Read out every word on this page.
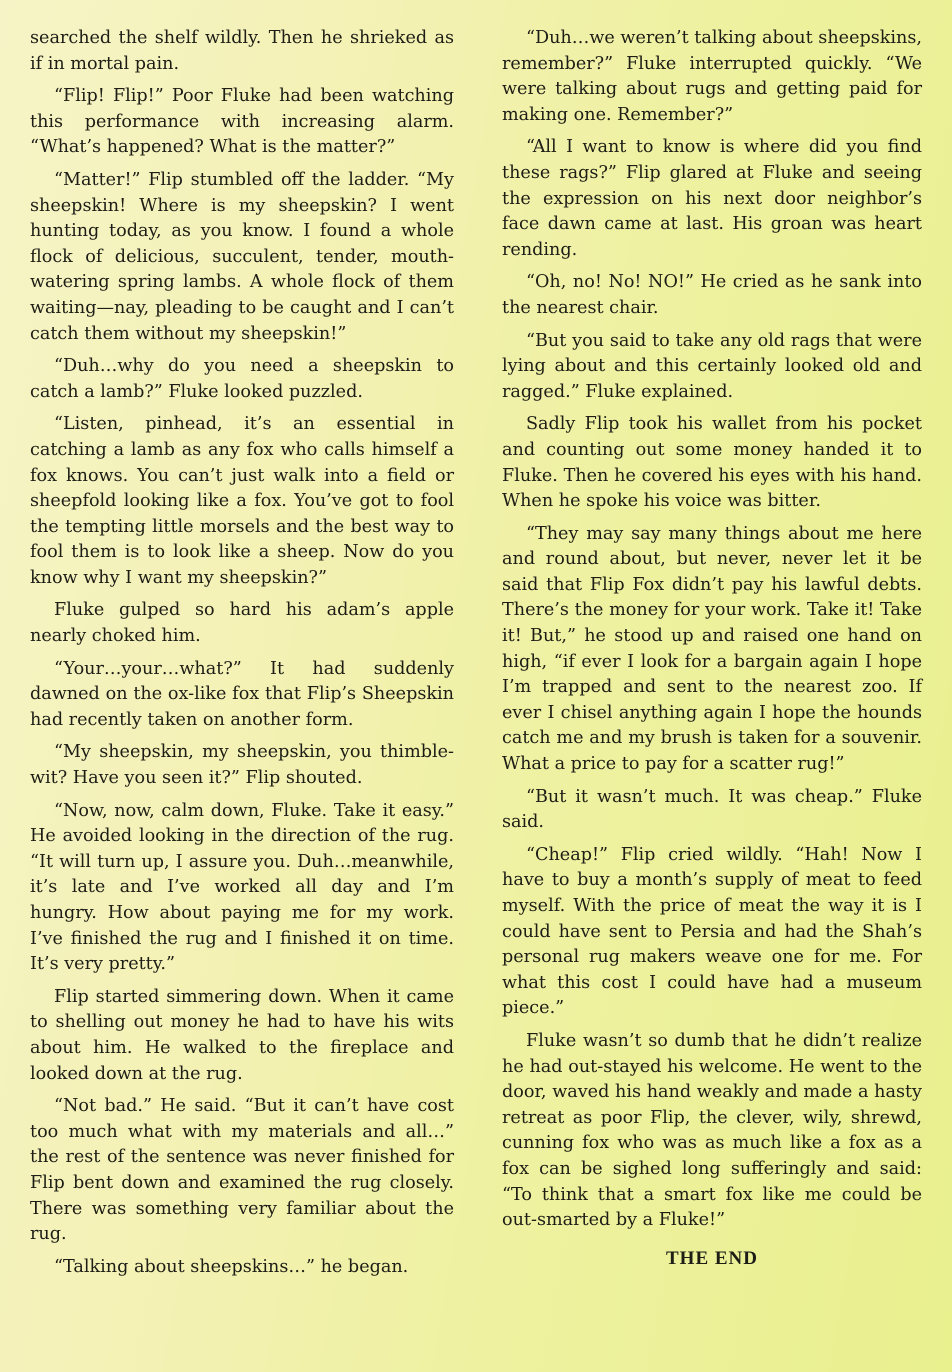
searched the shelf wildly. Then he shrieked as if in mortal pain.

“Flip! Flip!” Poor Fluke had been watching this performance with increasing alarm. “What’s happened? What is the matter?”

“Matter!” Flip stumbled off the ladder. “My sheepskin! Where is my sheepskin? I went hunting today, as you know. I found a whole flock of delicious, succulent, tender, mouth-watering spring lambs. A whole flock of them waiting—nay, pleading to be caught and I can’t catch them without my sheepskin!”

“Duh…why do you need a sheepskin to catch a lamb?” Fluke looked puzzled.

“Listen, pinhead, it’s an essential in catching a lamb as any fox who calls himself a fox knows. You can’t just walk into a field or sheepfold looking like a fox. You’ve got to fool the tempting little morsels and the best way to fool them is to look like a sheep. Now do you know why I want my sheepskin?”

Fluke gulped so hard his adam’s apple nearly choked him.

“Your…your…what?” It had suddenly dawned on the ox-like fox that Flip’s Sheepskin had recently taken on another form.

“My sheepskin, my sheepskin, you thimble-wit? Have you seen it?” Flip shouted.

“Now, now, calm down, Fluke. Take it easy.” He avoided looking in the direction of the rug. “It will turn up, I assure you. Duh…meanwhile, it’s late and I’ve worked all day and I’m hungry. How about paying me for my work. I’ve finished the rug and I finished it on time. It’s very pretty.”

Flip started simmering down. When it came to shelling out money he had to have his wits about him. He walked to the fireplace and looked down at the rug.

“Not bad.” He said. “But it can’t have cost too much what with my materials and all…” the rest of the sentence was never finished for Flip bent down and examined the rug closely. There was something very familiar about the rug.

“Talking about sheepskins…” he began.

“Duh…we weren’t talking about sheepskins, remember?” Fluke interrupted quickly. “We were talking about rugs and getting paid for making one. Remember?”

“All I want to know is where did you find these rags?” Flip glared at Fluke and seeing the expression on his next door neighbor’s face dawn came at last. His groan was heart rending.

“Oh, no! No! NO!” He cried as he sank into the nearest chair.

“But you said to take any old rags that were lying about and this certainly looked old and ragged.” Fluke explained.

Sadly Flip took his wallet from his pocket and counting out some money handed it to Fluke. Then he covered his eyes with his hand. When he spoke his voice was bitter.

“They may say many things about me here and round about, but never, never let it be said that Flip Fox didn’t pay his lawful debts. There’s the money for your work. Take it! Take it! But,” he stood up and raised one hand on high, “if ever I look for a bargain again I hope I’m trapped and sent to the nearest zoo. If ever I chisel anything again I hope the hounds catch me and my brush is taken for a souvenir. What a price to pay for a scatter rug!”

“But it wasn’t much. It was cheap.” Fluke said.

“Cheap!” Flip cried wildly. “Hah! Now I have to buy a month’s supply of meat to feed myself. With the price of meat the way it is I could have sent to Persia and had the Shah’s personal rug makers weave one for me. For what this cost I could have had a museum piece.”

Fluke wasn’t so dumb that he didn’t realize he had out-stayed his welcome. He went to the door, waved his hand weakly and made a hasty retreat as poor Flip, the clever, wily, shrewd, cunning fox who was as much like a fox as a fox can be sighed long sufferingly and said: “To think that a smart fox like me could be out-smarted by a Fluke!”

THE END
